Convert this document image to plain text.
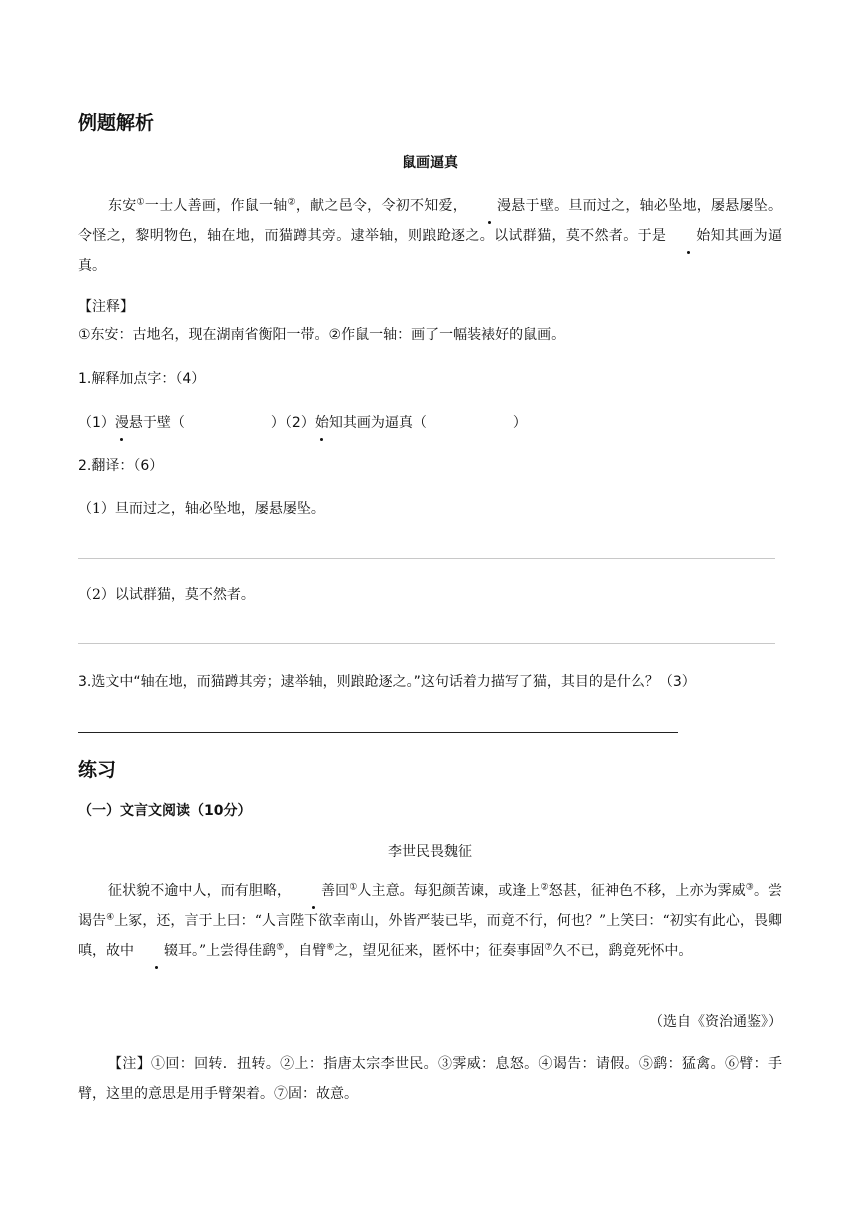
例题解析
鼠画逼真
东安①一士人善画，作鼠一轴②，献之邑令，令初不知爱， 漫悬于壁。旦而过之，轴必坠地，屡悬屡坠。令怪之，黎明物色，轴在地，而猫蹲其旁。逮举轴，则踉跄逐之。以试群猫，莫不然者。于是 始知其画为逼真。
【注释】
①东安：古地名，现在湖南省衡阳一带。②作鼠一轴：画了一幅装裱好的鼠画。
1.解释加点字：（4）
（1）漫悬于壁（	）（2）始知其画为逼真（	）
2.翻译：（6）
（1）旦而过之，轴必坠地，屡悬屡坠。
（2）以试群猫，莫不然者。
3.选文中“轴在地，而猫蹲其旁；逮举轴，则踉跄逐之。”这句话着力描写了猫，其目的是什么？（3）
练习
（一）文言文阅读（10分）
李世民畏魏征
征状貌不逾中人，而有胆略， 善回①人主意。每犯颜苦谏，或逢上②怒甚，征神色不移，上亦为霁威③。尝谒告④上冢，还，言于上曰：“人言陛下欲幸南山，外皆严装已毕，而竟不行，何也？”上笑曰：“初实有此心，畏卿嗔，故中 辍耳。”上尝得佳鹞⑤，自臂⑥之，望见征来，匿怀中；征奏事固⑦久不已，鹞竟死怀中。
（选自《资治通鉴》）
【注】①回：回转．扭转。②上：指唐太宗李世民。③霁威：息怒。④谒告：请假。⑤鹞：猛禽。⑥臂：手臂，这里的意思是用手臂架着。⑦固：故意。
